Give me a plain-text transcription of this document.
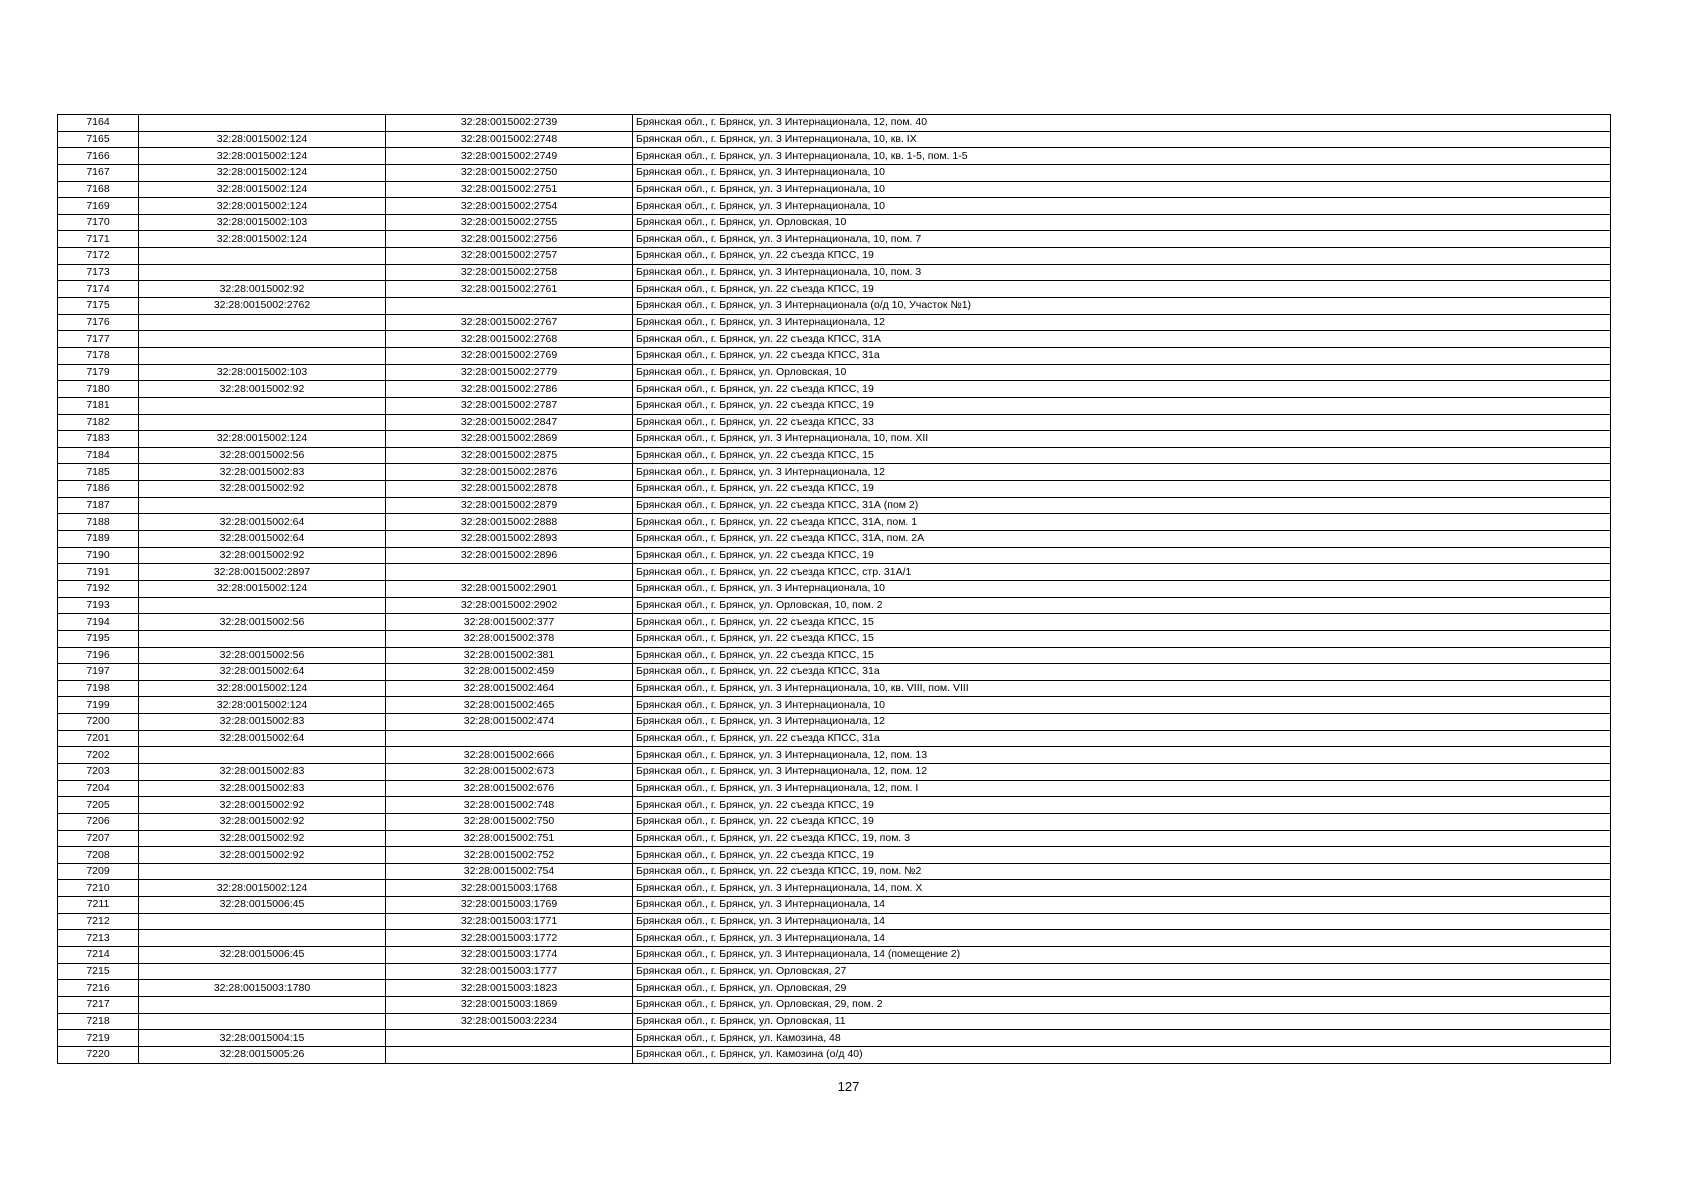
7164		32:28:0015002:2739	Брянская обл., г. Брянск, ул. 3 Интернационала, 12, пом. 40
7165	32:28:0015002:124	32:28:0015002:2748	Брянская обл., г. Брянск, ул. 3 Интернационала, 10, кв. IX
7166	32:28:0015002:124	32:28:0015002:2749	Брянская обл., г. Брянск, ул. 3 Интернационала, 10, кв. 1-5, пом. 1-5
7167	32:28:0015002:124	32:28:0015002:2750	Брянская обл., г. Брянск, ул. 3 Интернационала, 10
7168	32:28:0015002:124	32:28:0015002:2751	Брянская обл., г. Брянск, ул. 3 Интернационала, 10
7169	32:28:0015002:124	32:28:0015002:2754	Брянская обл., г. Брянск, ул. 3 Интернационала, 10
7170	32:28:0015002:103	32:28:0015002:2755	Брянская обл., г. Брянск, ул. Орловская, 10
7171	32:28:0015002:124	32:28:0015002:2756	Брянская обл., г. Брянск, ул. 3 Интернационала, 10, пом. 7
7172		32:28:0015002:2757	Брянская обл., г. Брянск, ул. 22 съезда КПСС, 19
7173		32:28:0015002:2758	Брянская обл., г. Брянск, ул. 3 Интернационала, 10, пом. 3
7174	32:28:0015002:92	32:28:0015002:2761	Брянская обл., г. Брянск, ул. 22 съезда КПСС, 19
7175	32:28:0015002:2762		Брянская обл., г. Брянск, ул. 3 Интернационала (о/д 10, Участок №1)
7176		32:28:0015002:2767	Брянская обл., г. Брянск, ул. 3 Интернационала, 12
7177		32:28:0015002:2768	Брянская обл., г. Брянск, ул. 22 съезда КПСС, 31А
7178		32:28:0015002:2769	Брянская обл., г. Брянск, ул. 22 съезда КПСС, 31а
7179	32:28:0015002:103	32:28:0015002:2779	Брянская обл., г. Брянск, ул. Орловская, 10
7180	32:28:0015002:92	32:28:0015002:2786	Брянская обл., г. Брянск, ул. 22 съезда КПСС, 19
7181		32:28:0015002:2787	Брянская обл., г. Брянск, ул. 22 съезда КПСС, 19
7182		32:28:0015002:2847	Брянская обл., г. Брянск, ул. 22 съезда КПСС, 33
7183	32:28:0015002:124	32:28:0015002:2869	Брянская обл., г. Брянск, ул. 3 Интернационала, 10, пом. XII
7184	32:28:0015002:56	32:28:0015002:2875	Брянская обл., г. Брянск, ул. 22 съезда КПСС, 15
7185	32:28:0015002:83	32:28:0015002:2876	Брянская обл., г. Брянск, ул. 3 Интернационала, 12
7186	32:28:0015002:92	32:28:0015002:2878	Брянская обл., г. Брянск, ул. 22 съезда КПСС, 19
7187		32:28:0015002:2879	Брянская обл., г. Брянск, ул. 22 съезда КПСС, 31А (пом 2)
7188	32:28:0015002:64	32:28:0015002:2888	Брянская обл., г. Брянск, ул. 22 съезда КПСС, 31А, пом. 1
7189	32:28:0015002:64	32:28:0015002:2893	Брянская обл., г. Брянск, ул. 22 съезда КПСС, 31А, пом. 2А
7190	32:28:0015002:92	32:28:0015002:2896	Брянская обл., г. Брянск, ул. 22 съезда КПСС, 19
7191	32:28:0015002:2897		Брянская обл., г. Брянск, ул. 22 съезда КПСС, стр. 31А/1
7192	32:28:0015002:124	32:28:0015002:2901	Брянская обл., г. Брянск, ул. 3 Интернационала, 10
7193		32:28:0015002:2902	Брянская обл., г. Брянск, ул. Орловская, 10, пом. 2
7194	32:28:0015002:56	32:28:0015002:377	Брянская обл., г. Брянск, ул. 22 съезда КПСС, 15
7195		32:28:0015002:378	Брянская обл., г. Брянск, ул. 22 съезда КПСС, 15
7196	32:28:0015002:56	32:28:0015002:381	Брянская обл., г. Брянск, ул. 22 съезда КПСС, 15
7197	32:28:0015002:64	32:28:0015002:459	Брянская обл., г. Брянск, ул. 22 съезда КПСС, 31а
7198	32:28:0015002:124	32:28:0015002:464	Брянская обл., г. Брянск, ул. 3 Интернационала, 10, кв. VIII, пом. VIII
7199	32:28:0015002:124	32:28:0015002:465	Брянская обл., г. Брянск, ул. 3 Интернационала, 10
7200	32:28:0015002:83	32:28:0015002:474	Брянская обл., г. Брянск, ул. 3 Интернационала, 12
7201	32:28:0015002:64		Брянская обл., г. Брянск, ул. 22 съезда КПСС, 31а
7202		32:28:0015002:666	Брянская обл., г. Брянск, ул. 3 Интернационала, 12, пом. 13
7203	32:28:0015002:83	32:28:0015002:673	Брянская обл., г. Брянск, ул. 3 Интернационала, 12, пом. 12
7204	32:28:0015002:83	32:28:0015002:676	Брянская обл., г. Брянск, ул. 3 Интернационала, 12, пом. I
7205	32:28:0015002:92	32:28:0015002:748	Брянская обл., г. Брянск, ул. 22 съезда КПСС, 19
7206	32:28:0015002:92	32:28:0015002:750	Брянская обл., г. Брянск, ул. 22 съезда КПСС, 19
7207	32:28:0015002:92	32:28:0015002:751	Брянская обл., г. Брянск, ул. 22 съезда КПСС, 19, пом. 3
7208	32:28:0015002:92	32:28:0015002:752	Брянская обл., г. Брянск, ул. 22 съезда КПСС, 19
7209		32:28:0015002:754	Брянская обл., г. Брянск, ул. 22 съезда КПСС, 19, пом. №2
7210	32:28:0015002:124	32:28:0015003:1768	Брянская обл., г. Брянск, ул. 3 Интернационала, 14, пом. X
7211	32:28:0015006:45	32:28:0015003:1769	Брянская обл., г. Брянск, ул. 3 Интернационала, 14
7212		32:28:0015003:1771	Брянская обл., г. Брянск, ул. 3 Интернационала, 14
7213		32:28:0015003:1772	Брянская обл., г. Брянск, ул. 3 Интернационала, 14
7214	32:28:0015006:45	32:28:0015003:1774	Брянская обл., г. Брянск, ул. 3 Интернационала, 14 (помещение 2)
7215		32:28:0015003:1777	Брянская обл., г. Брянск, ул. Орловская, 27
7216	32:28:0015003:1780	32:28:0015003:1823	Брянская обл., г. Брянск, ул. Орловская, 29
7217		32:28:0015003:1869	Брянская обл., г. Брянск, ул. Орловская, 29, пом. 2
7218		32:28:0015003:2234	Брянская обл., г. Брянск, ул. Орловская, 11
7219	32:28:0015004:15		Брянская обл., г. Брянск, ул. Камозина, 48
7220	32:28:0015005:26		Брянская обл., г. Брянск, ул. Камозина (о/д 40)
127
